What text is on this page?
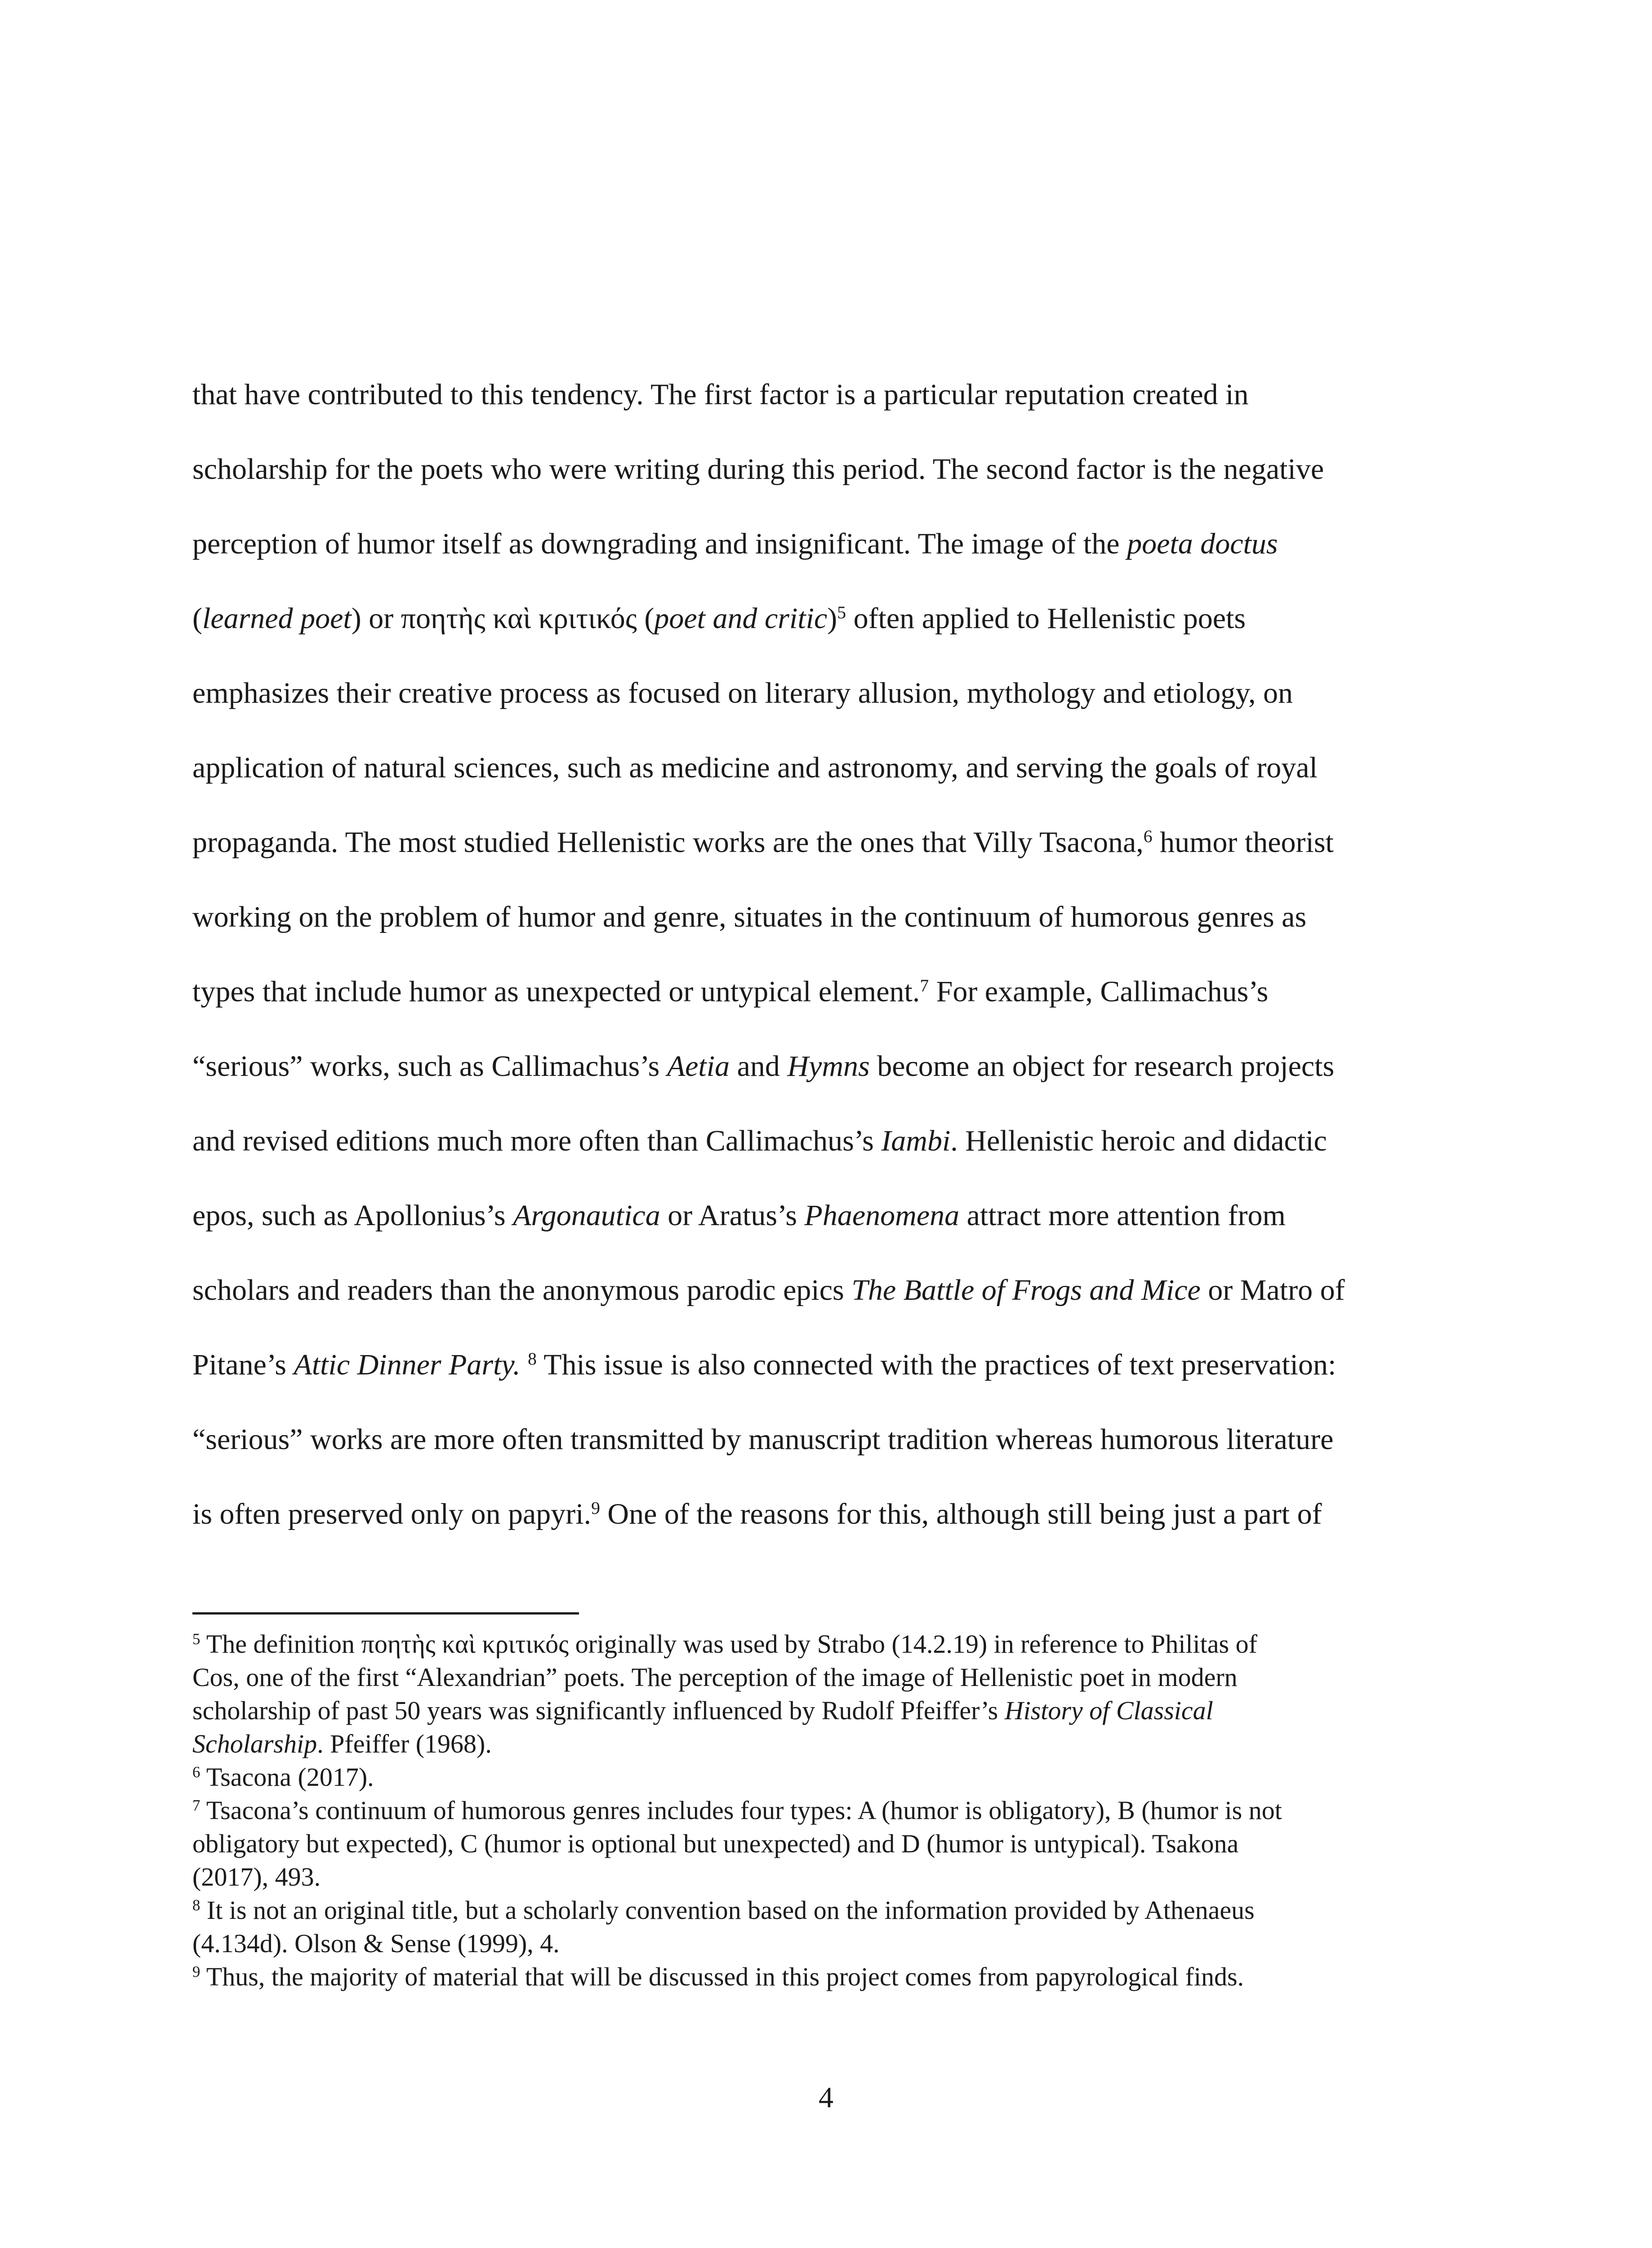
that have contributed to this tendency. The first factor is a particular reputation created in
scholarship for the poets who were writing during this period. The second factor is the negative
perception of humor itself as downgrading and insignificant. The image of the poeta doctus
(learned poet) or ποητὴς καὶ κριτικός (poet and critic)$^5$ often applied to Hellenistic poets
emphasizes their creative process as focused on literary allusion, mythology and etiology, on
application of natural sciences, such as medicine and astronomy, and serving the goals of royal
propaganda. The most studied Hellenistic works are the ones that Villy Tsacona,$^6$ humor theorist
working on the problem of humor and genre, situates in the continuum of humorous genres as
types that include humor as unexpected or untypical element.$^7$ For example, Callimachus’s
“serious” works, such as Callimachus’s Aetia and Hymns become an object for research projects
and revised editions much more often than Callimachus’s Iambi. Hellenistic heroic and didactic
epos, such as Apollonius’s Argonautica or Aratus’s Phaenomena attract more attention from
scholars and readers than the anonymous parodic epics The Battle of Frogs and Mice or Matro of
Pitane’s Attic Dinner Party. $^8$ This issue is also connected with the practices of text preservation:
“serious” works are more often transmitted by manuscript tradition whereas humorous literature
is often preserved only on papyri.$^9$ One of the reasons for this, although still being just a part of
$^5$ The definition ποητὴς καὶ κριτικός originally was used by Strabo (14.2.19) in reference to Philitas of
Cos, one of the first “Alexandrian” poets. The perception of the image of Hellenistic poet in modern
scholarship of past 50 years was significantly influenced by Rudolf Pfeiffer’s History of Classical
Scholarship. Pfeiffer (1968).
$^6$ Tsacona (2017).
$^7$ Tsacona’s continuum of humorous genres includes four types: A (humor is obligatory), B (humor is not
obligatory but expected), C (humor is optional but unexpected) and D (humor is untypical). Tsakona
(2017), 493.
$^8$ It is not an original title, but a scholarly convention based on the information provided by Athenaeus
(4.134d). Olson & Sense (1999), 4.
$^9$ Thus, the majority of material that will be discussed in this project comes from papyrological finds.
4
